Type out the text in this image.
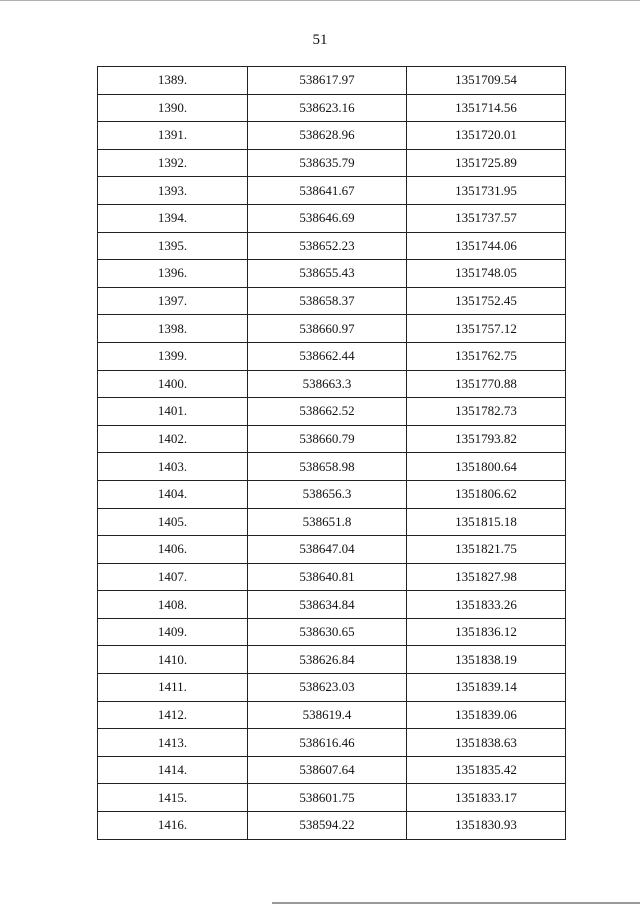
51
1389.	538617.97	1351709.54
1390.	538623.16	1351714.56
1391.	538628.96	1351720.01
1392.	538635.79	1351725.89
1393.	538641.67	1351731.95
1394.	538646.69	1351737.57
1395.	538652.23	1351744.06
1396.	538655.43	1351748.05
1397.	538658.37	1351752.45
1398.	538660.97	1351757.12
1399.	538662.44	1351762.75
1400.	538663.3	1351770.88
1401.	538662.52	1351782.73
1402.	538660.79	1351793.82
1403.	538658.98	1351800.64
1404.	538656.3	1351806.62
1405.	538651.8	1351815.18
1406.	538647.04	1351821.75
1407.	538640.81	1351827.98
1408.	538634.84	1351833.26
1409.	538630.65	1351836.12
1410.	538626.84	1351838.19
1411.	538623.03	1351839.14
1412.	538619.4	1351839.06
1413.	538616.46	1351838.63
1414.	538607.64	1351835.42
1415.	538601.75	1351833.17
1416.	538594.22	1351830.93
